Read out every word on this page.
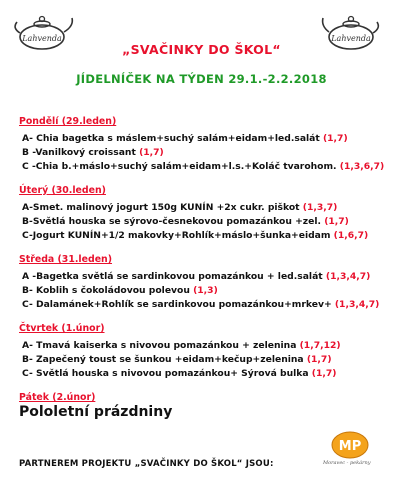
Lahvenda	Lahvenda
„SVAČINKY DO ŠKOL“
JÍDELNÍČEK NA TÝDEN 29.1.-2.2.2018
Pondělí (29.leden)
A- Chia bagetka s máslem+suchý salám+eidam+led.salát (1,7)
B -Vanilkový croissant (1,7)
C -Chia b.+máslo+suchý salám+eidam+l.s.+Koláč tvarohom. (1,3,6,7)
Úterý (30.leden)
A-Smet. malinový jogurt 150g KUNÍN +2x cukr. piškot (1,3,7)
B-Světlá houska se sýrovo-česnekovou pomazánkou +zel. (1,7)
C-Jogurt KUNÍN+1/2 makovky+Rohlík+máslo+šunka+eidam (1,6,7)
Středa (31.leden)
A -Bagetka světlá se sardinkovou pomazánkou + led.salát (1,3,4,7)
B- Koblih s čokoládovou polevou (1,3)
C- Dalamánek+Rohlík se sardinkovou pomazánkou+mrkev+ (1,3,4,7)
Čtvrtek (1.únor)
A- Tmavá kaiserka s nivovou pomazánkou + zelenina (1,7,12)
B- Zapečený toust se šunkou +eidam+kečup+zelenina (1,7)
C- Světlá houska s nivovou pomazánkou+ Sýrová bulka (1,7)
Pátek (2.únor)
Pololetní prázdniny
MP
Moravec - pekárny
PARTNEREM PROJEKTU „SVAČINKY DO ŠKOL“ JSOU:
